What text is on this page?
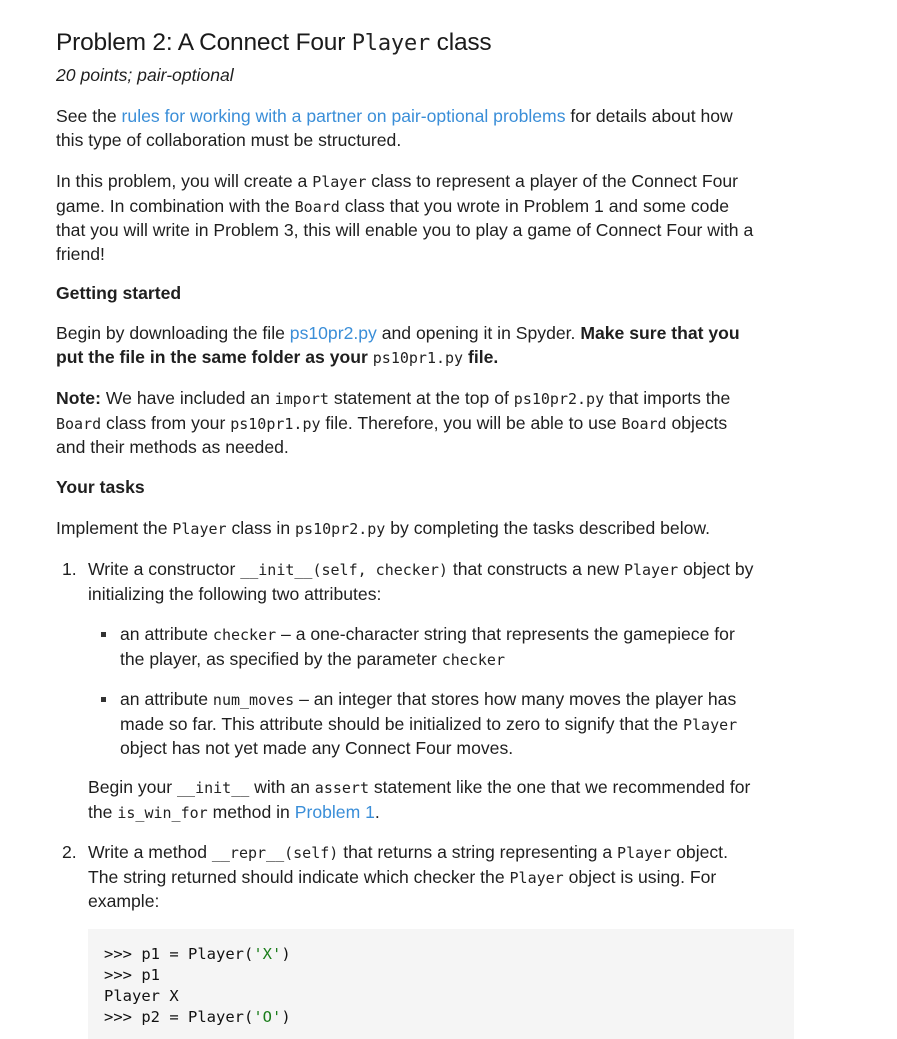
Problem 2: A Connect Four Player class
20 points; pair-optional
See the rules for working with a partner on pair-optional problems for details about how
this type of collaboration must be structured.
In this problem, you will create a Player class to represent a player of the Connect Four
game. In combination with the Board class that you wrote in Problem 1 and some code
that you will write in Problem 3, this will enable you to play a game of Connect Four with a
friend!
Getting started
Begin by downloading the file ps10pr2.py and opening it in Spyder. Make sure that you
put the file in the same folder as your ps10pr1.py file.
Note: We have included an import statement at the top of ps10pr2.py that imports the
Board class from your ps10pr1.py file. Therefore, you will be able to use Board objects
and their methods as needed.
Your tasks
Implement the Player class in ps10pr2.py by completing the tasks described below.
1. Write a constructor __init__(self, checker) that constructs a new Player object by
initializing the following two attributes:
an attribute checker – a one-character string that represents the gamepiece for
the player, as specified by the parameter checker
an attribute num_moves – an integer that stores how many moves the player has
made so far. This attribute should be initialized to zero to signify that the Player
object has not yet made any Connect Four moves.
Begin your __init__ with an assert statement like the one that we recommended for
the is_win_for method in Problem 1.
2. Write a method __repr__(self) that returns a string representing a Player object.
The string returned should indicate which checker the Player object is using. For
example:
>>> p1 = Player('X')
>>> p1
Player X
>>> p2 = Player('O')
